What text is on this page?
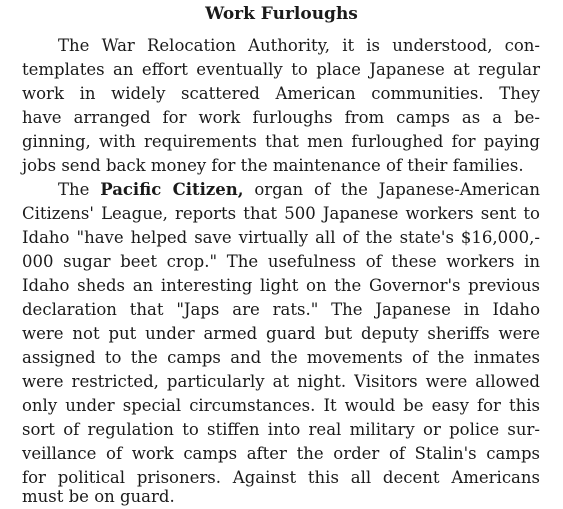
Work Furloughs
The War Relocation Authority, it is understood, con-
templates an effort eventually to place Japanese at regular
work in widely scattered American communities. They
have arranged for work furloughs from camps as a be-
ginning, with requirements that men furloughed for paying
jobs send back money for the maintenance of their families.
The Pacific Citizen, organ of the Japanese-American
Citizens' League, reports that 500 Japanese workers sent to
Idaho "have helped save virtually all of the state's $16,000,-
000 sugar beet crop." The usefulness of these workers in
Idaho sheds an interesting light on the Governor's previous
declaration that "Japs are rats." The Japanese in Idaho
were not put under armed guard but deputy sheriffs were
assigned to the camps and the movements of the inmates
were restricted, particularly at night. Visitors were allowed
only under special circumstances. It would be easy for this
sort of regulation to stiffen into real military or police sur-
veillance of work camps after the order of Stalin's camps
for political prisoners. Against this all decent Americans
must be on guard.
